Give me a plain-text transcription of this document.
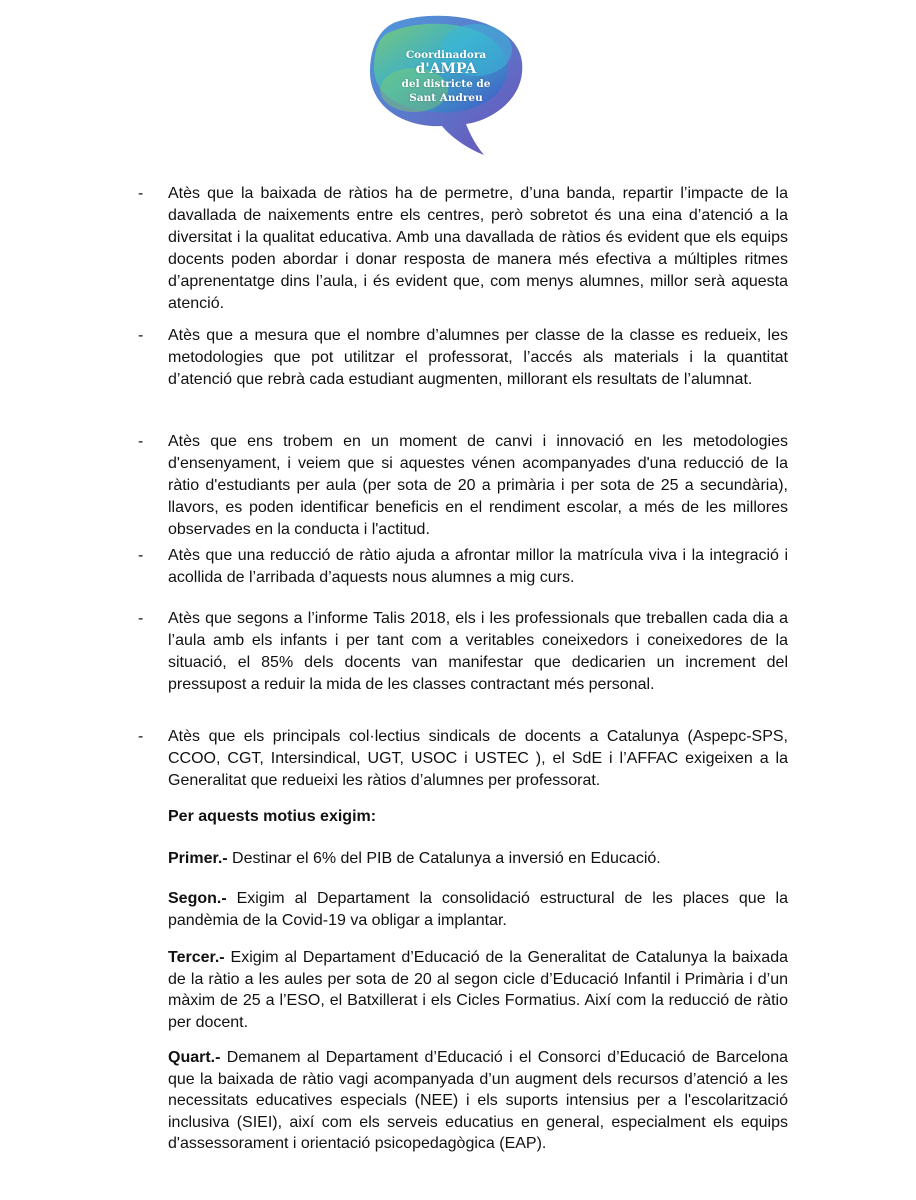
Coordinadora
d'AMPA
del districte de
Sant Andreu
-	Atès que la baixada de ràtios ha de permetre, d’una banda, repartir l’impacte de la davallada de naixements entre els centres, però sobretot és una eina d’atenció a la diversitat i la qualitat educativa. Amb una davallada de ràtios és evident que els equips docents poden abordar i donar resposta de manera més efectiva a múltiples ritmes d’aprenentatge dins l’aula, i és evident que, com menys alumnes, millor serà aquesta atenció.
-	Atès que a mesura que el nombre d’alumnes per classe de la classe es redueix, les metodologies que pot utilitzar el professorat, l’accés als materials i la quantitat d’atenció que rebrà cada estudiant augmenten, millorant els resultats de l’alumnat.
-	Atès que ens trobem en un moment de canvi i innovació en les metodologies d'ensenyament, i veiem que si aquestes vénen acompanyades d'una reducció de la ràtio d'estudiants per aula (per sota de 20 a primària i per sota de 25 a secundària), llavors, es poden identificar beneficis en el rendiment escolar, a més de les millores observades en la conducta i l'actitud.
-	Atès que una reducció de ràtio ajuda a afrontar millor la matrícula viva i la integració i acollida de l’arribada d’aquests nous alumnes a mig curs.
-	Atès que segons a l’informe Talis 2018, els i les professionals que treballen cada dia a l’aula amb els infants i per tant com a veritables coneixedors i coneixedores de la situació, el 85% dels docents van manifestar que dedicarien un increment del pressupost a reduir la mida de les classes contractant més personal.
-	Atès que els principals col·lectius sindicals de docents a Catalunya (Aspepc-SPS, CCOO, CGT, Intersindical, UGT, USOC i USTEC ), el SdE i l’AFFAC exigeixen a la Generalitat que redueixi les ràtios d’alumnes per professorat.
Per aquests motius exigim:
Primer.- Destinar el 6% del PIB de Catalunya a inversió en Educació.
Segon.- Exigim al Departament la consolidació estructural de les places que la pandèmia de la Covid-19 va obligar a implantar.
Tercer.- Exigim al Departament d’Educació de la Generalitat de Catalunya la baixada de la ràtio a les aules per sota de 20 al segon cicle d’Educació Infantil i Primària i d’un màxim de 25 a l’ESO, el Batxillerat i els Cicles Formatius. Així com la reducció de ràtio per docent.
Quart.- Demanem al Departament d’Educació i el Consorci d’Educació de Barcelona que la baixada de ràtio vagi acompanyada d’un augment dels recursos d’atenció a les necessitats educatives especials (NEE) i els suports intensius per a l'escolarització inclusiva (SIEI), així com els serveis educatius en general, especialment els equips d'assessorament i orientació psicopedagògica (EAP).
